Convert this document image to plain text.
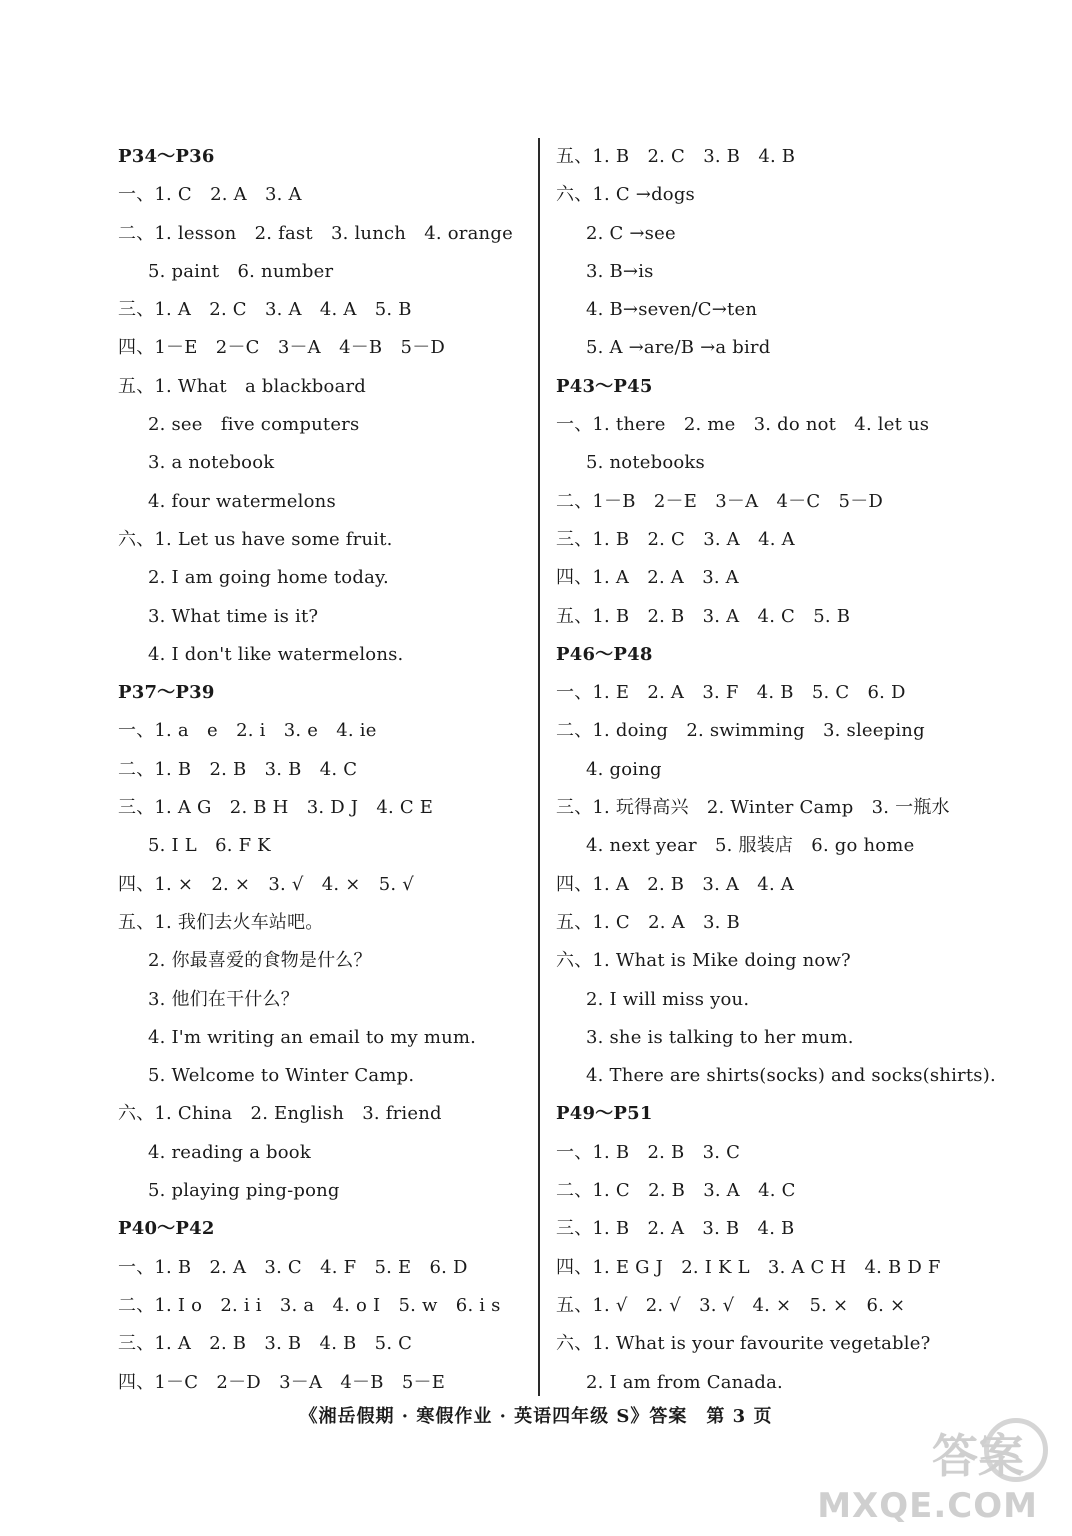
P34～P36
一、1. C　2. A　3. A
二、1. lesson　2. fast　3. lunch　4. orange
5. paint　6. number
三、1. A　2. C　3. A　4. A　5. B
四、1－E　2－C　3－A　4－B　5－D
五、1. What　a blackboard
2. see　five computers
3. a notebook
4. four watermelons
六、1. Let us have some fruit.
2. I am going home today.
3. What time is it?
4. I don't like watermelons.
P37～P39
一、1. a　e　2. i　3. e　4. ie
二、1. B　2. B　3. B　4. C
三、1. A G　2. B H　3. D J　4. C E
5. I L　6. F K
四、1. ×　2. ×　3. √　4. ×　5. √
五、1. 我们去火车站吧。
2. 你最喜爱的食物是什么？
3. 他们在干什么？
4. I'm writing an email to my mum.
5. Welcome to Winter Camp.
六、1. China　2. English　3. friend
4. reading a book
5. playing ping-pong
P40～P42
一、1. B　2. A　3. C　4. F　5. E　6. D
二、1. I o　2. i i　3. a　4. o I　5. w　6. i s
三、1. A　2. B　3. B　4. B　5. C
四、1－C　2－D　3－A　4－B　5－E
五、1. B　2. C　3. B　4. B
六、1. C →dogs
2. C →see
3. B→is
4. B→seven/C→ten
5. A →are/B →a bird
P43～P45
一、1. there　2. me　3. do not　4. let us
5. notebooks
二、1－B　2－E　3－A　4－C　5－D
三、1. B　2. C　3. A　4. A
四、1. A　2. A　3. A
五、1. B　2. B　3. A　4. C　5. B
P46～P48
一、1. E　2. A　3. F　4. B　5. C　6. D
二、1. doing　2. swimming　3. sleeping
4. going
三、1. 玩得高兴　2. Winter Camp　3. 一瓶水
4. next year　5. 服装店　6. go home
四、1. A　2. B　3. A　4. A
五、1. C　2. A　3. B
六、1. What is Mike doing now?
2. I will miss you.
3. she is talking to her mum.
4. There are shirts(socks) and socks(shirts).
P49～P51
一、1. B　2. B　3. C
二、1. C　2. B　3. A　4. C
三、1. B　2. A　3. B　4. B
四、1. E G J　2. I K L　3. A C H　4. B D F
五、1. √　2. √　3. √　4. ×　5. ×　6. ×
六、1. What is your favourite vegetable?
2. I am from Canada.
《湘岳假期 · 寒假作业 · 英语四年级 S》答案　第 3 页
答案
MXQE.COM
